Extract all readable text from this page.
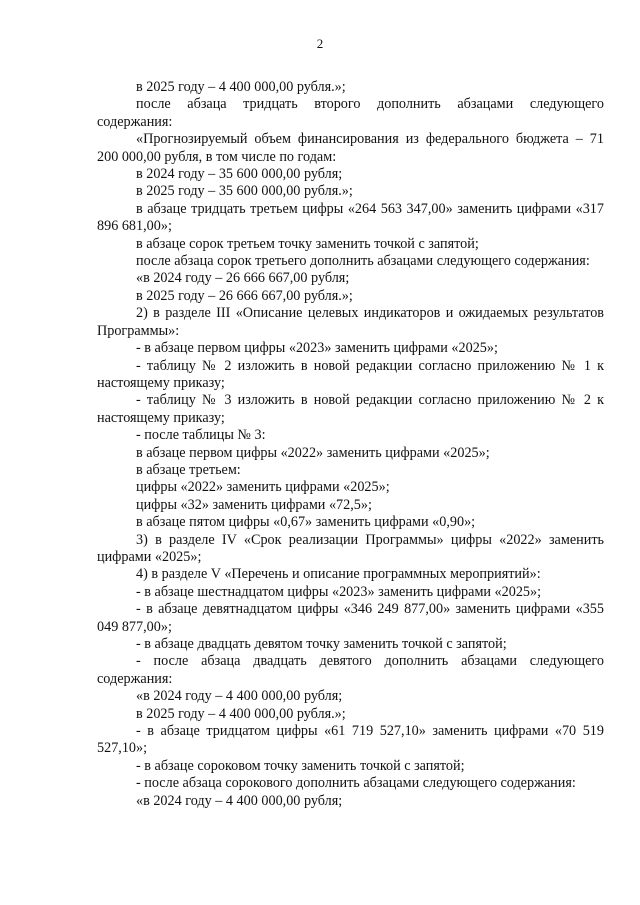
2

в 2025 году – 4 400 000,00 рубля.»;

после абзаца тридцать второго дополнить абзацами следующего содержания:

«Прогнозируемый объем финансирования из федерального бюджета – 71 200 000,00 рубля, в том числе по годам:

в 2024 году – 35 600 000,00 рубля;

в 2025 году – 35 600 000,00 рубля.»;

в абзаце тридцать третьем цифры «264 563 347,00» заменить цифрами «317 896 681,00»;

в абзаце сорок третьем точку заменить точкой с запятой;

после абзаца сорок третьего дополнить абзацами следующего содержания:

«в 2024 году – 26 666 667,00 рубля;

в 2025 году – 26 666 667,00 рубля.»;

2) в разделе III «Описание целевых индикаторов и ожидаемых результатов Программы»:

- в абзаце первом цифры «2023» заменить цифрами «2025»;

- таблицу № 2 изложить в новой редакции согласно приложению № 1 к настоящему приказу;

- таблицу № 3 изложить в новой редакции согласно приложению № 2 к настоящему приказу;

- после таблицы № 3:

в абзаце первом цифры «2022» заменить цифрами «2025»;

в абзаце третьем:

цифры «2022» заменить цифрами «2025»;

цифры «32» заменить цифрами «72,5»;

в абзаце пятом цифры «0,67» заменить цифрами «0,90»;

3) в разделе IV «Срок реализации Программы» цифры «2022» заменить цифрами «2025»;

4) в разделе V «Перечень и описание программных мероприятий»:

- в абзаце шестнадцатом цифры «2023» заменить цифрами «2025»;

- в абзаце девятнадцатом цифры «346 249 877,00» заменить цифрами «355 049 877,00»;

- в абзаце двадцать девятом точку заменить точкой с запятой;

- после абзаца двадцать девятого дополнить абзацами следующего содержания:

«в 2024 году – 4 400 000,00 рубля;

в 2025 году – 4 400 000,00 рубля.»;

- в абзаце тридцатом цифры «61 719 527,10» заменить цифрами «70 519 527,10»;

- в абзаце сороковом точку заменить точкой с запятой;

- после абзаца сорокового дополнить абзацами следующего содержания:

«в 2024 году – 4 400 000,00 рубля;
